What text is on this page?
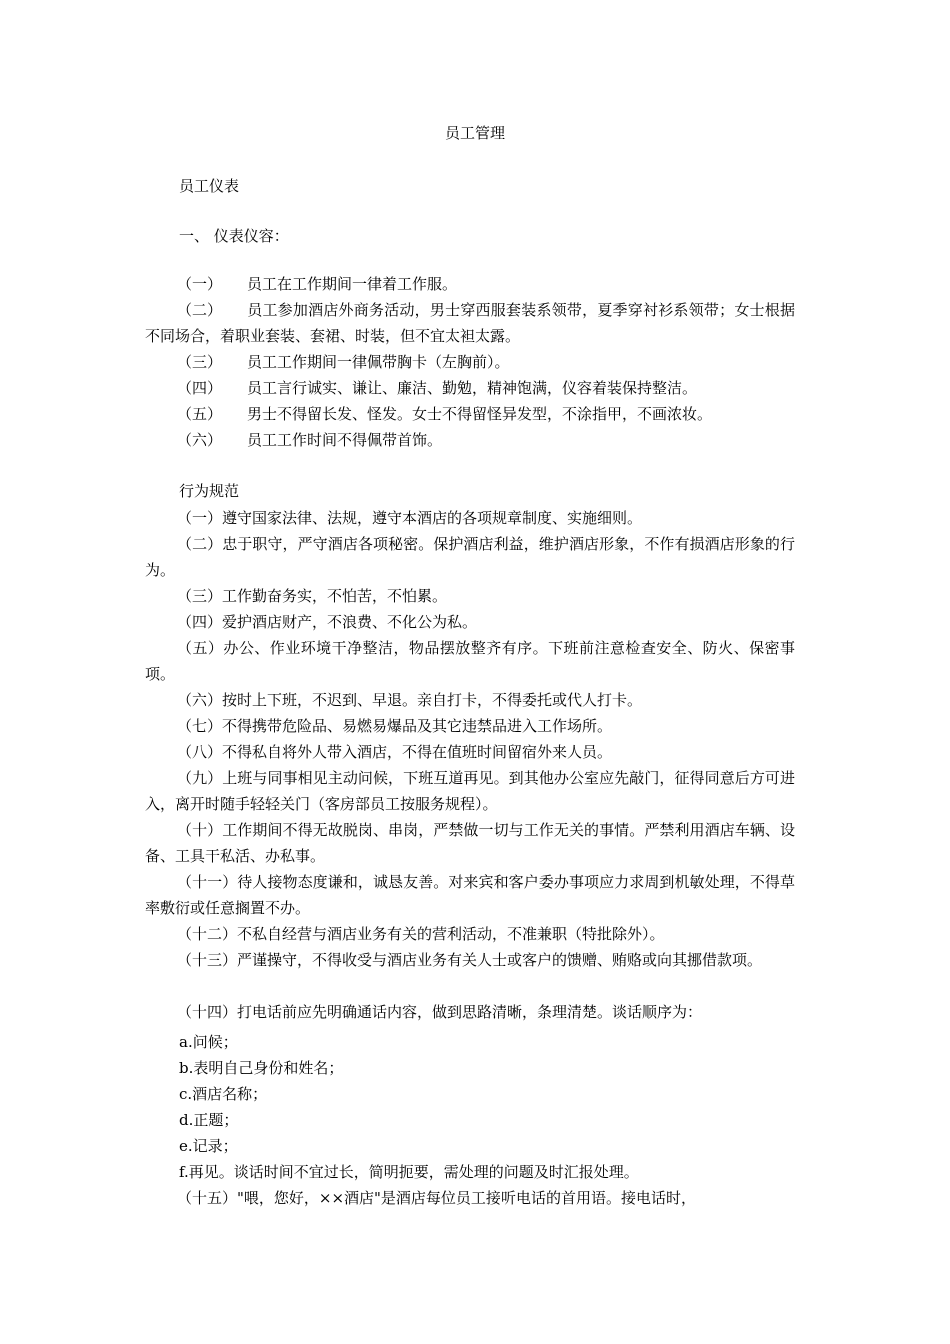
员工管理
员工仪表
一、 仪表仪容：
（一） 员工在工作期间一律着工作服。
（二） 员工参加酒店外商务活动，男士穿西服套装系领带，夏季穿衬衫系领带；女士根据不同场合，着职业套装、套裙、时装，但不宜太袒太露。
（三） 员工工作期间一律佩带胸卡（左胸前）。
（四） 员工言行诚实、谦让、廉洁、勤勉，精神饱满，仪容着装保持整洁。
（五） 男士不得留长发、怪发。女士不得留怪异发型，不涂指甲，不画浓妆。
（六） 员工工作时间不得佩带首饰。
行为规范
（一）遵守国家法律、法规，遵守本酒店的各项规章制度、实施细则。
（二）忠于职守，严守酒店各项秘密。保护酒店利益，维护酒店形象，不作有损酒店形象的行为。
（三）工作勤奋务实，不怕苦，不怕累。
（四）爱护酒店财产，不浪费、不化公为私。
（五）办公、作业环境干净整洁，物品摆放整齐有序。下班前注意检查安全、防火、保密事项。
（六）按时上下班，不迟到、早退。亲自打卡，不得委托或代人打卡。
（七）不得携带危险品、易燃易爆品及其它违禁品进入工作场所。
（八）不得私自将外人带入酒店，不得在值班时间留宿外来人员。
（九）上班与同事相见主动问候，下班互道再见。到其他办公室应先敲门，征得同意后方可进入，离开时随手轻轻关门（客房部员工按服务规程）。
（十）工作期间不得无故脱岗、串岗，严禁做一切与工作无关的事情。严禁利用酒店车辆、设备、工具干私活、办私事。
（十一）待人接物态度谦和，诚恳友善。对来宾和客户委办事项应力求周到机敏处理，不得草率敷衍或任意搁置不办。
（十二）不私自经营与酒店业务有关的营利活动，不准兼职（特批除外）。
（十三）严谨操守，不得收受与酒店业务有关人士或客户的馈赠、贿赂或向其挪借款项。
（十四）打电话前应先明确通话内容，做到思路清晰，条理清楚。谈话顺序为：
a.问候；
b.表明自己身份和姓名；
c.酒店名称；
d.正题；
e.记录；
f.再见。谈话时间不宜过长，简明扼要，需处理的问题及时汇报处理。
（十五）"喂，您好，××酒店"是酒店每位员工接听电话的首用语。接电话时，
